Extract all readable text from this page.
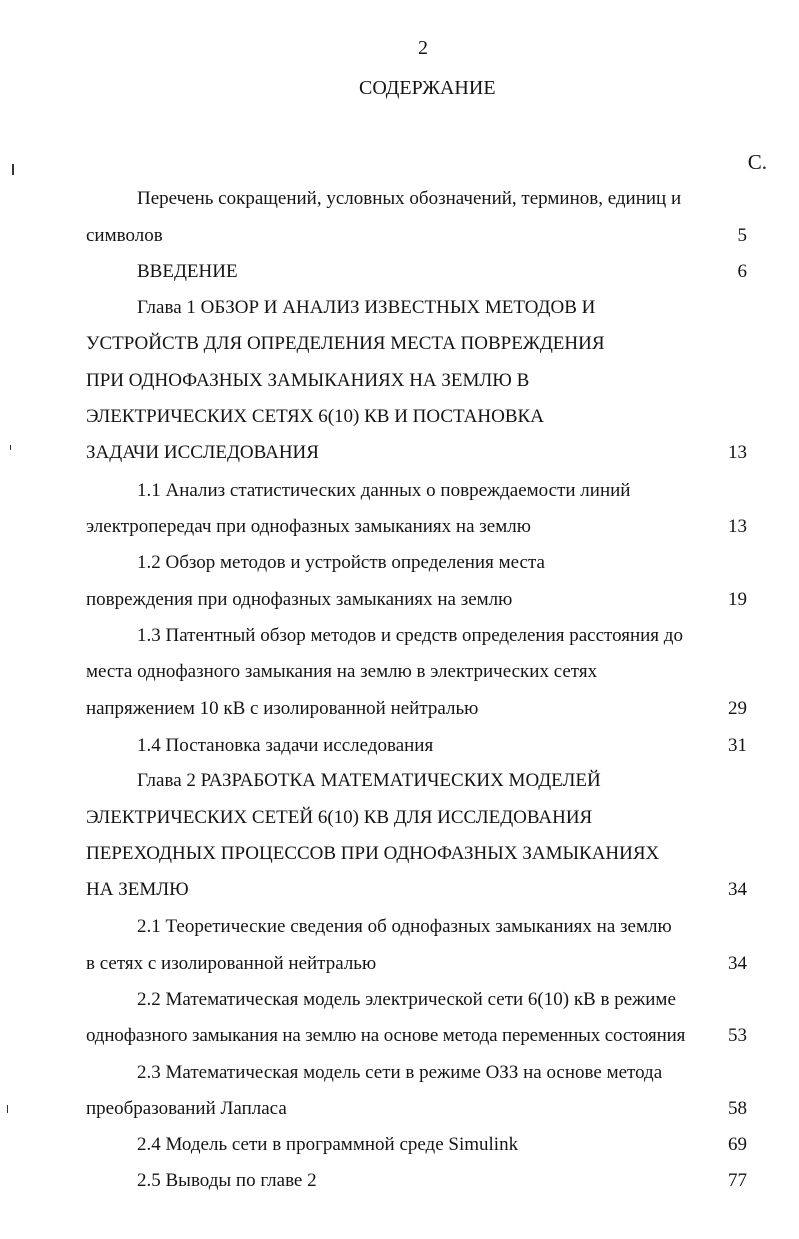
2
СОДЕРЖАНИЕ
С.
Перечень сокращений, условных обозначений, терминов, единиц и
символов	5
ВВЕДЕНИЕ	6
Глава 1 ОБЗОР И АНАЛИЗ ИЗВЕСТНЫХ МЕТОДОВ И
УСТРОЙСТВ ДЛЯ ОПРЕДЕЛЕНИЯ МЕСТА ПОВРЕЖДЕНИЯ
ПРИ ОДНОФАЗНЫХ ЗАМЫКАНИЯХ НА ЗЕМЛЮ В
ЭЛЕКТРИЧЕСКИХ СЕТЯХ 6(10) КВ И ПОСТАНОВКА
ЗАДАЧИ ИССЛЕДОВАНИЯ	13
1.1 Анализ статистических данных о повреждаемости линий
электропередач при однофазных замыканиях на землю	13
1.2 Обзор методов и устройств определения места
повреждения при однофазных замыканиях на землю	19
1.3 Патентный обзор методов и средств определения расстояния до
места однофазного замыкания на землю в электрических сетях
напряжением 10 кВ с изолированной нейтралью	29
1.4 Постановка задачи исследования	31
Глава 2 РАЗРАБОТКА МАТЕМАТИЧЕСКИХ МОДЕЛЕЙ
ЭЛЕКТРИЧЕСКИХ СЕТЕЙ 6(10) КВ ДЛЯ ИССЛЕДОВАНИЯ
ПЕРЕХОДНЫХ ПРОЦЕССОВ ПРИ ОДНОФАЗНЫХ ЗАМЫКАНИЯХ
НА ЗЕМЛЮ	34
2.1 Теоретические сведения об однофазных замыканиях на землю
в сетях с изолированной нейтралью	34
2.2 Математическая модель электрической сети 6(10) кВ в режиме
однофазного замыкания на землю на основе метода переменных состояния 53
2.3 Математическая модель сети в режиме ОЗЗ на основе метода
преобразований Лапласа	58
2.4 Модель сети в программной среде Simulink	69
2.5 Выводы по главе 2	77
